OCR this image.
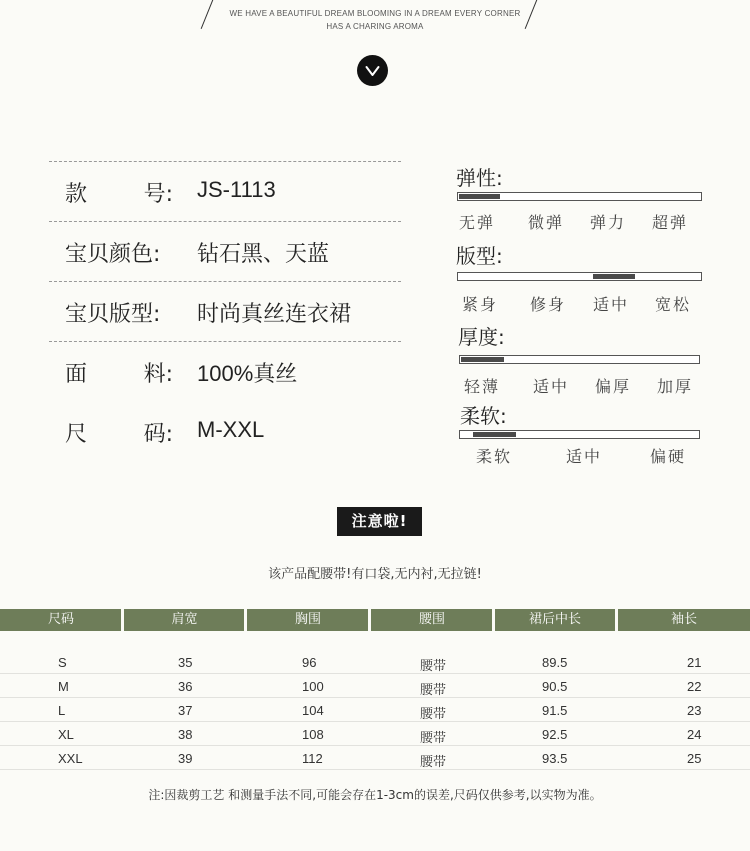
WE HAVE A BEAUTIFUL DREAM BLOOMING IN A DREAM EVERY CORNER
HAS A CHARING AROMA
款	号: JS-1113
宝贝颜色: 钻石黑、天蓝
宝贝版型: 时尚真丝连衣裙
面	料: 100%真丝
尺	码: M-XXL
弹性:
无弹 微弹 弹力 超弹
版型:
紧身 修身 适中 宽松
厚度:
轻薄 适中 偏厚 加厚
柔软:
柔软	适中	偏硬
注意啦!
该产品配腰带!有口袋,无内衬,无拉链!
尺码	肩宽	胸围	腰围	裙后中长	袖长
S	35	96	腰带	89.5	21
M	36	100	腰带	90.5	22
L	37	104	腰带	91.5	23
XL	38	108	腰带	92.5	24
XXL	39	112	腰带	93.5	25
注:因裁剪工艺 和测量手法不同,可能会存在1-3cm的误差,尺码仅供参考,以实物为准。
